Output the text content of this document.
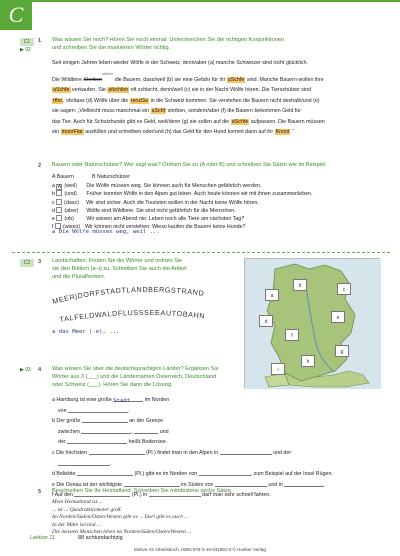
C
C1
▶ 02
1 Was wissen Sie noch? Hören Sie noch einmal. Unterstreichen Sie die richtigen Konjunktionen
und schreiben Sie die markierten Wörter richtig.
Seit einigen Jahren leben wieder Wölfe in der Schweiz, denn/aber (a) manche Schweizer sind nicht glücklich.
Die Wildtiere Sterben$^{stören}$ die Bauern, dass/weil (b) sie eine Gefahr für ihr aSchfe sind. Manche Bauern wollen ihre
aSchfe verkaufen. Sie afschlen oft schlecht, denn/weil (c) sie in der Nacht Wölfe hören. Die Tierschützer sind
rfho, ob/dass (d) Wölfe über die renzGe in die Schweiz kommen. Sie verstehen die Bauern nicht deshalb/und (e)
sie sagen: „Vielleicht muss manchmal ein aSchf sterben, sondern/aber (f) die Bauern bekommen Geld für
das Tier. Auch für Schutzhunde gibt es Geld, weil/denn (g) sie sollen auf die aSchfe aufpassen. Die Bauern müssen
ein muorFlar ausfüllen und schreiben oder/und (h) das Geld für den Hund kommt dann auf ihr Knoot.“
2 Bauern oder Naturschützer? Wer sagt was? Ordnen Sie zu (A oder B) und schreiben Sie Sätze wie im Beispiel.
A Bauern	B Naturschützer
a A (weil)Die Wölfe müssen weg. Sie können auch für Menschen gefährlich werden.
b (und)Früher konnten Wölfe in den Alpen gut leben. Auch heute können wir mit ihnen zusammenleben.
c (dass)Wir sind sicher. Auch die Touristen wollen in der Nacht keine Wölfe hören.
d (aber)Wölfe sind Wildtiere. Sie sind nicht gefährlich für die Menschen.
e (ob)Wir wissen am Abend nie: Leben noch alle Tiere am nächsten Tag?
f (wieso)Wir können nicht verstehen: Wieso kaufen die Bauern keine Hunde?
a Die Wölfe müssen weg, weil ...
C2	3 Landschaften. Finden Sie die Wörter und ordnen Sie
sie den Bildern (a–i) zu. Schreiben Sie auch die Artikel
und die Pluralformen.
MEER|DORFSTADTLANDBERGSTRAND
TALFELDWALDFLUSSSEEAUTOBAHN
a das Meer (-e), ...
a
b
c
d
e
f
g
h
i
▶ 03 4 Was wissen Sie über die deutschsprachigen Länder? Ergänzen Sie
Wörter aus 3 (___) und die Ländernamen Österreich, Deutschland
oder Schweiz (___). Hören Sie dann die Lösung.
a Hamburg ist eine große Stadt	im Norden
von	.
b Der große	an der Grenze
zwischen	,	und
der	heißt Bodensee.
c Die höchsten	(Pl.) findet man in den Alpen in	und der
.
d Beliebte	(Pl.) gibt es im Norden von	, zum Beispiel auf der Insel Rügen.
e Die Donau ist der wichtigste	im Süden von	und in	.
f Auf den	(Pl.) in	darf man sehr schnell fahren.
5 Beschreiben Sie Ihr Heimatland. Schreiben Sie mindestens sechs Sätze.
Mein Heimatland ist ...
... ist ... Quadratkilometer groß.
Im Norden/Süden/Osten/Westen gibt es ... Dort gibt es auch ...
In der Mitte ist/sind ...
Die meisten Menschen leben im Norden/Süden/Osten/Westen ...
Lektion 11	88 achtundachtzig
Motive A2 Arbeitsbuch, ISBN 978-3-19-031881-0 © Hueber Verlag
